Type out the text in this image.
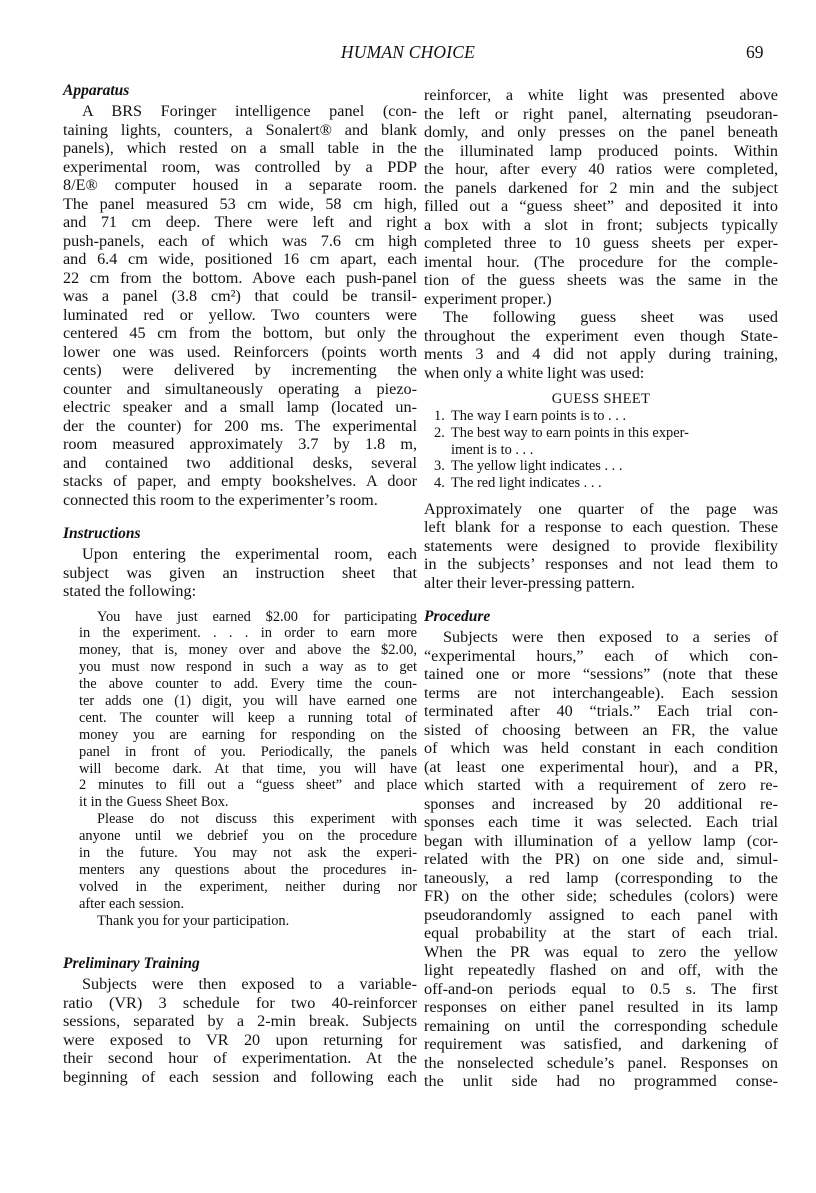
HUMAN CHOICE	69
Apparatus
A BRS Foringer intelligence panel (con-
taining lights, counters, a Sonalert® and blank
panels), which rested on a small table in the
experimental room, was controlled by a PDP
8/E® computer housed in a separate room.
The panel measured 53 cm wide, 58 cm high,
and 71 cm deep. There were left and right
push-panels, each of which was 7.6 cm high
and 6.4 cm wide, positioned 16 cm apart, each
22 cm from the bottom. Above each push-panel
was a panel (3.8 cm²) that could be transil-
luminated red or yellow. Two counters were
centered 45 cm from the bottom, but only the
lower one was used. Reinforcers (points worth
cents) were delivered by incrementing the
counter and simultaneously operating a piezo-
electric speaker and a small lamp (located un-
der the counter) for 200 ms. The experimental
room measured approximately 3.7 by 1.8 m,
and contained two additional desks, several
stacks of paper, and empty bookshelves. A door
connected this room to the experimenter’s room.
Instructions
Upon entering the experimental room, each
subject was given an instruction sheet that
stated the following:
You have just earned $2.00 for participating
in the experiment. . . . in order to earn more
money, that is, money over and above the $2.00,
you must now respond in such a way as to get
the above counter to add. Every time the coun-
ter adds one (1) digit, you will have earned one
cent. The counter will keep a running total of
money you are earning for responding on the
panel in front of you. Periodically, the panels
will become dark. At that time, you will have
2 minutes to fill out a “guess sheet” and place
it in the Guess Sheet Box.
Please do not discuss this experiment with
anyone until we debrief you on the procedure
in the future. You may not ask the experi-
menters any questions about the procedures in-
volved in the experiment, neither during nor
after each session.
Thank you for your participation.
Preliminary Training
Subjects were then exposed to a variable-
ratio (VR) 3 schedule for two 40-reinforcer
sessions, separated by a 2-min break. Subjects
were exposed to VR 20 upon returning for
their second hour of experimentation. At the
beginning of each session and following each
reinforcer, a white light was presented above
the left or right panel, alternating pseudoran-
domly, and only presses on the panel beneath
the illuminated lamp produced points. Within
the hour, after every 40 ratios were completed,
the panels darkened for 2 min and the subject
filled out a “guess sheet” and deposited it into
a box with a slot in front; subjects typically
completed three to 10 guess sheets per exper-
imental hour. (The procedure for the comple-
tion of the guess sheets was the same in the
experiment proper.)
The following guess sheet was used
throughout the experiment even though State-
ments 3 and 4 did not apply during training,
when only a white light was used:
GUESS SHEET
1. The way I earn points is to . . .
2. The best way to earn points in this exper-
iment is to . . .
3. The yellow light indicates . . .
4. The red light indicates . . .
Approximately one quarter of the page was
left blank for a response to each question. These
statements were designed to provide flexibility
in the subjects’ responses and not lead them to
alter their lever-pressing pattern.
Procedure
Subjects were then exposed to a series of
“experimental hours,” each of which con-
tained one or more “sessions” (note that these
terms are not interchangeable). Each session
terminated after 40 “trials.” Each trial con-
sisted of choosing between an FR, the value
of which was held constant in each condition
(at least one experimental hour), and a PR,
which started with a requirement of zero re-
sponses and increased by 20 additional re-
sponses each time it was selected. Each trial
began with illumination of a yellow lamp (cor-
related with the PR) on one side and, simul-
taneously, a red lamp (corresponding to the
FR) on the other side; schedules (colors) were
pseudorandomly assigned to each panel with
equal probability at the start of each trial.
When the PR was equal to zero the yellow
light repeatedly flashed on and off, with the
off-and-on periods equal to 0.5 s. The first
responses on either panel resulted in its lamp
remaining on until the corresponding schedule
requirement was satisfied, and darkening of
the nonselected schedule’s panel. Responses on
the unlit side had no programmed conse-
